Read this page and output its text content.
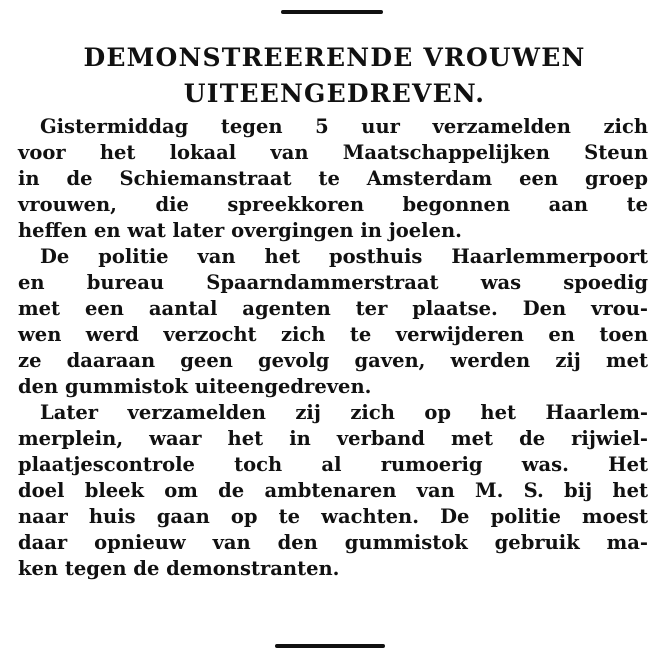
DEMONSTREERENDE VROUWEN
UITEENGEDREVEN.
Gistermiddag tegen 5 uur verzamelden zich
voor het lokaal van Maatschappelijken Steun
in de Schiemanstraat te Amsterdam een groep
vrouwen, die spreekkoren begonnen aan te
heffen en wat later overgingen in joelen.
De politie van het posthuis Haarlemmerpoort
en bureau Spaarndammerstraat was spoedig
met een aantal agenten ter plaatse. Den vrou-
wen werd verzocht zich te verwijderen en toen
ze daaraan geen gevolg gaven, werden zij met
den gummistok uiteengedreven.
Later verzamelden zij zich op het Haarlem-
merplein, waar het in verband met de rijwiel-
plaatjescontrole toch al rumoerig was. Het
doel bleek om de ambtenaren van M. S. bij het
naar huis gaan op te wachten. De politie moest
daar opnieuw van den gummistok gebruik ma-
ken tegen de demonstranten.
